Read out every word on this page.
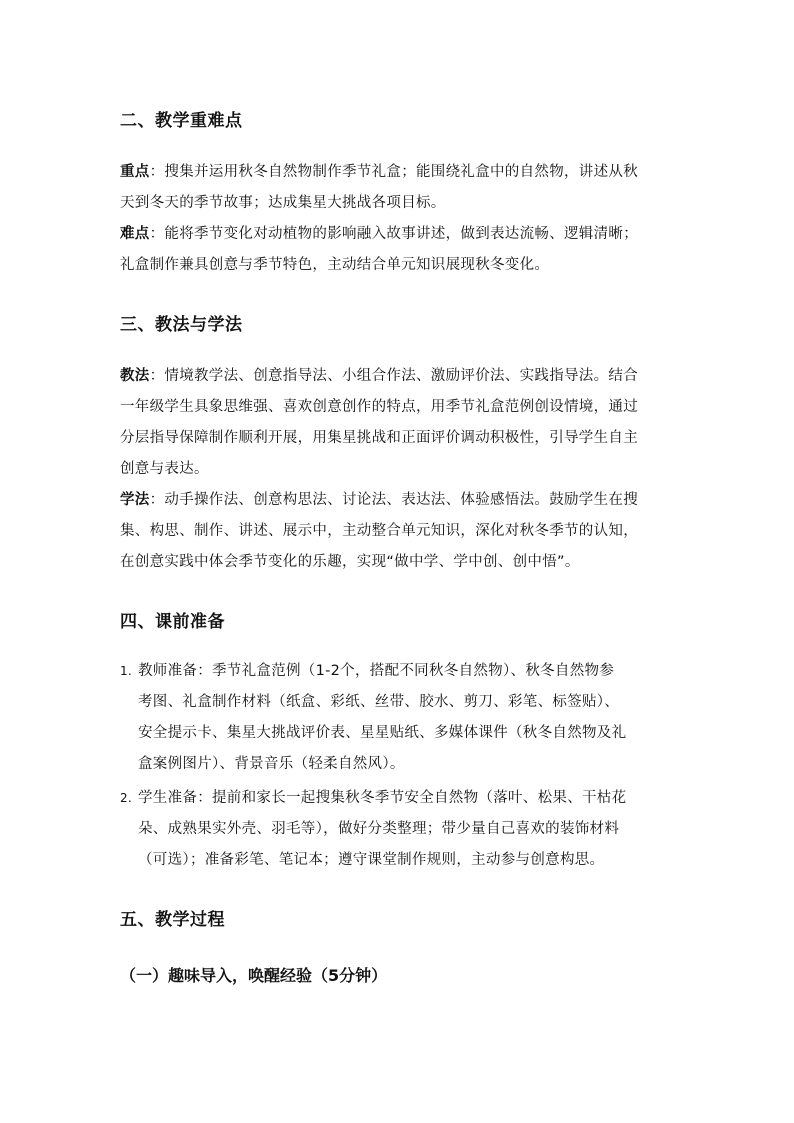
二、教学重难点
重点：搜集并运用秋冬自然物制作季节礼盒；能围绕礼盒中的自然物，讲述从秋
天到冬天的季节故事；达成集星大挑战各项目标。
难点：能将季节变化对动植物的影响融入故事讲述，做到表达流畅、逻辑清晰；
礼盒制作兼具创意与季节特色，主动结合单元知识展现秋冬变化。
三、教法与学法
教法：情境教学法、创意指导法、小组合作法、激励评价法、实践指导法。结合
一年级学生具象思维强、喜欢创意创作的特点，用季节礼盒范例创设情境，通过
分层指导保障制作顺利开展，用集星挑战和正面评价调动积极性，引导学生自主
创意与表达。
学法：动手操作法、创意构思法、讨论法、表达法、体验感悟法。鼓励学生在搜
集、构思、制作、讲述、展示中，主动整合单元知识，深化对秋冬季节的认知，
在创意实践中体会季节变化的乐趣，实现“做中学、学中创、创中悟”。
四、课前准备
1. 教师准备：季节礼盒范例（1-2个，搭配不同秋冬自然物）、秋冬自然物参
考图、礼盒制作材料（纸盒、彩纸、丝带、胶水、剪刀、彩笔、标签贴）、
安全提示卡、集星大挑战评价表、星星贴纸、多媒体课件（秋冬自然物及礼
盒案例图片）、背景音乐（轻柔自然风）。
2. 学生准备：提前和家长一起搜集秋冬季节安全自然物（落叶、松果、干枯花
朵、成熟果实外壳、羽毛等），做好分类整理；带少量自己喜欢的装饰材料
（可选）；准备彩笔、笔记本；遵守课堂制作规则，主动参与创意构思。
五、教学过程
（一）趣味导入，唤醒经验（5分钟）
